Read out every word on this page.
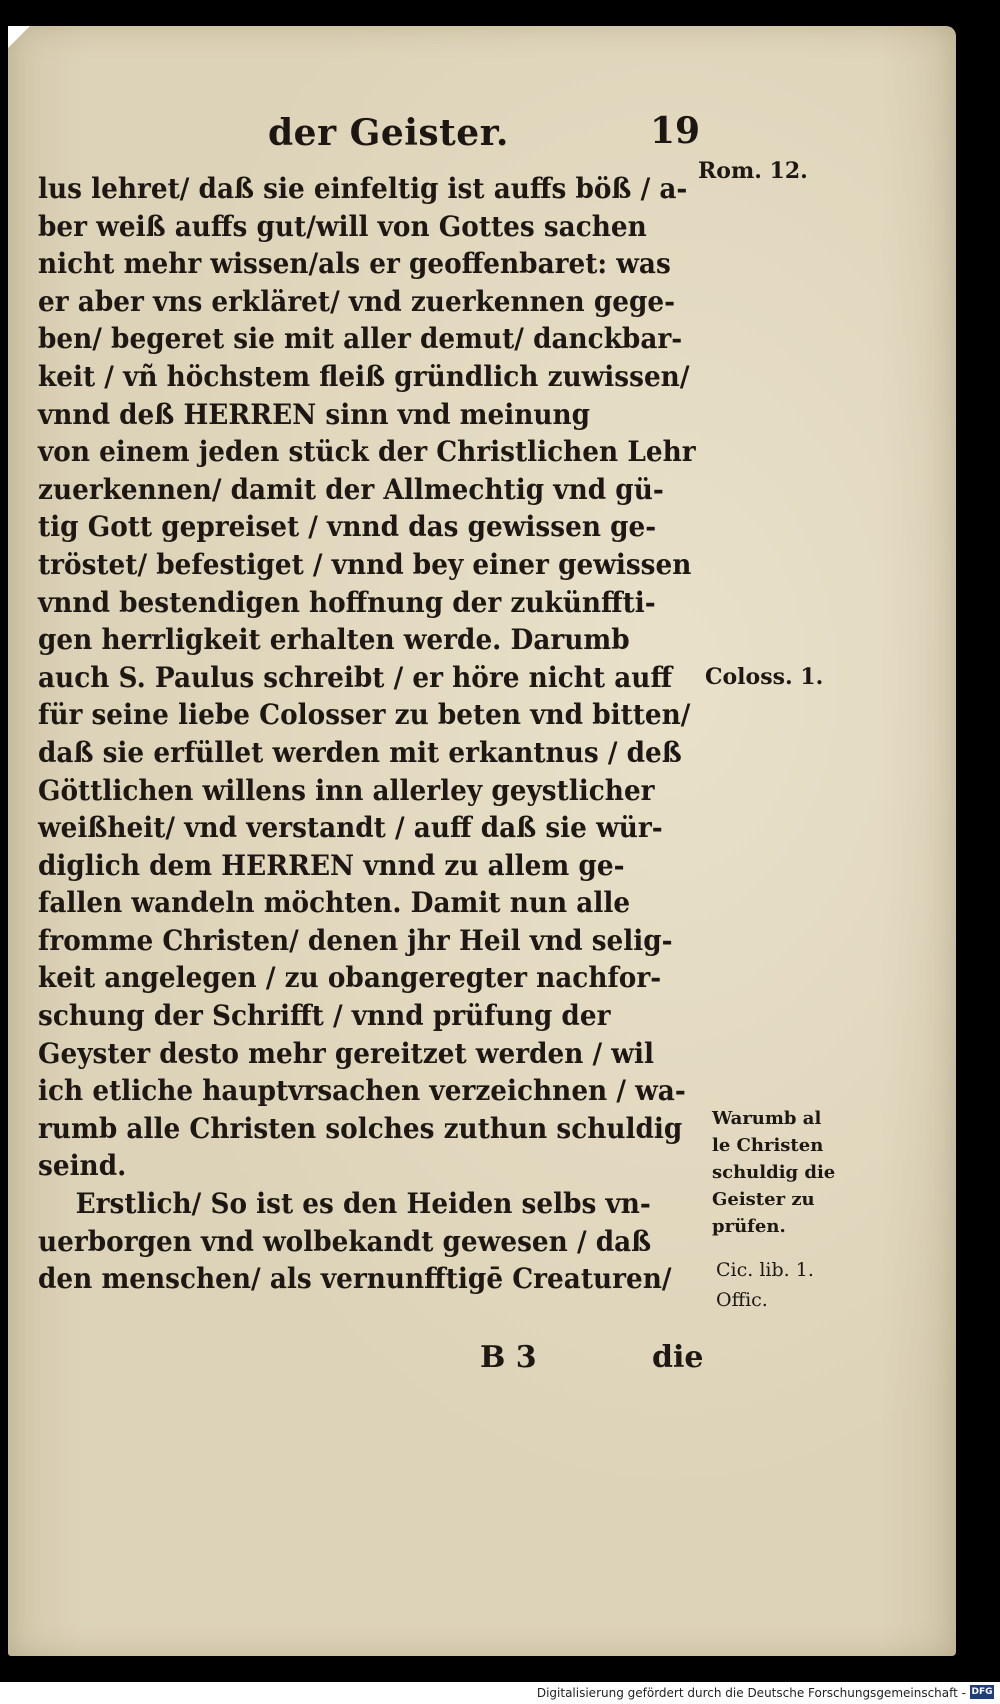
der Geister.	19
lus lehret/ daß sie einfeltig ist auffs böß / a-
ber weiß auffs gut/will von Gottes sachen
nicht mehr wissen/als er geoffenbaret: was
er aber vns erkläret/ vnd zuerkennen gege-
ben/ begeret sie mit aller demut/ danckbar-
keit / vñ höchstem fleiß gründlich zuwissen/
vnnd deß HERREN sinn vnd meinung
von einem jeden stück der Christlichen Lehr
zuerkennen/ damit der Allmechtig vnd gü-
tig Gott gepreiset / vnnd das gewissen ge-
tröstet/ befestiget / vnnd bey einer gewissen
vnnd bestendigen hoffnung der zukünffti-
gen herrligkeit erhalten werde. Darumb
auch S. Paulus schreibt / er höre nicht auff
für seine liebe Colosser zu beten vnd bitten/
daß sie erfüllet werden mit erkantnus / deß
Göttlichen willens inn allerley geystlicher
weißheit/ vnd verstandt / auff daß sie wür-
diglich dem HERREN vnnd zu allem ge-
fallen wandeln möchten. Damit nun alle
fromme Christen/ denen jhr Heil vnd selig-
keit angelegen / zu obangeregter nachfor-
schung der Schrifft / vnnd prüfung der
Geyster desto mehr gereitzet werden / wil
ich etliche hauptvrsachen verzeichnen / wa-
rumb alle Christen solches zuthun schuldig
seind.
Erstlich/ So ist es den Heiden selbs vn-
uerborgen vnd wolbekandt gewesen / daß
den menschen/ als vernunfftigē Creaturen/
Rom. 12.
Coloss. 1.
Warumb al
le Christen
schuldig die
Geister zu
prüfen.
Cic. lib. 1.
Offic.
B 3	die
Digitalisierung gefördert durch die Deutsche Forschungsgemeinschaft - DFG
